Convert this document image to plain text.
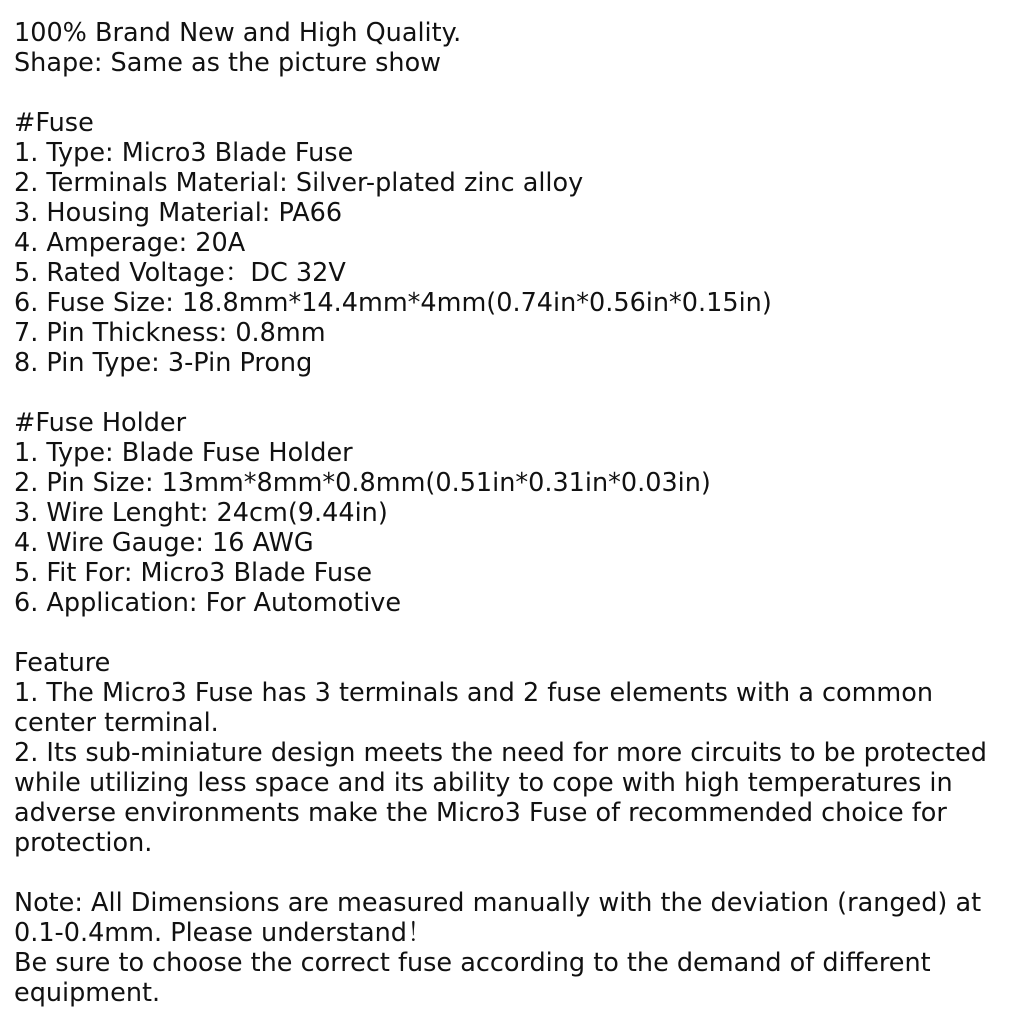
100% Brand New and High Quality.
Shape: Same as the picture show
#Fuse
1. Type: Micro3 Blade Fuse
2. Terminals Material: Silver-plated zinc alloy
3. Housing Material: PA66
4. Amperage: 20A
5. Rated Voltage：DC 32V
6. Fuse Size: 18.8mm*14.4mm*4mm(0.74in*0.56in*0.15in)
7. Pin Thickness: 0.8mm
8. Pin Type: 3-Pin Prong
#Fuse Holder
1. Type: Blade Fuse Holder
2. Pin Size: 13mm*8mm*0.8mm(0.51in*0.31in*0.03in)
3. Wire Lenght: 24cm(9.44in)
4. Wire Gauge: 16 AWG
5. Fit For: Micro3 Blade Fuse
6. Application: For Automotive
Feature
1. The Micro3 Fuse has 3 terminals and 2 fuse elements with a common center terminal.
2. Its sub-miniature design meets the need for more circuits to be protected while utilizing less space and its ability to cope with high temperatures in adverse environments make the Micro3 Fuse of recommended choice for protection.
Note: All Dimensions are measured manually with the deviation (ranged) at 0.1-0.4mm. Please understand！
Be sure to choose the correct fuse according to the demand of different equipment.
